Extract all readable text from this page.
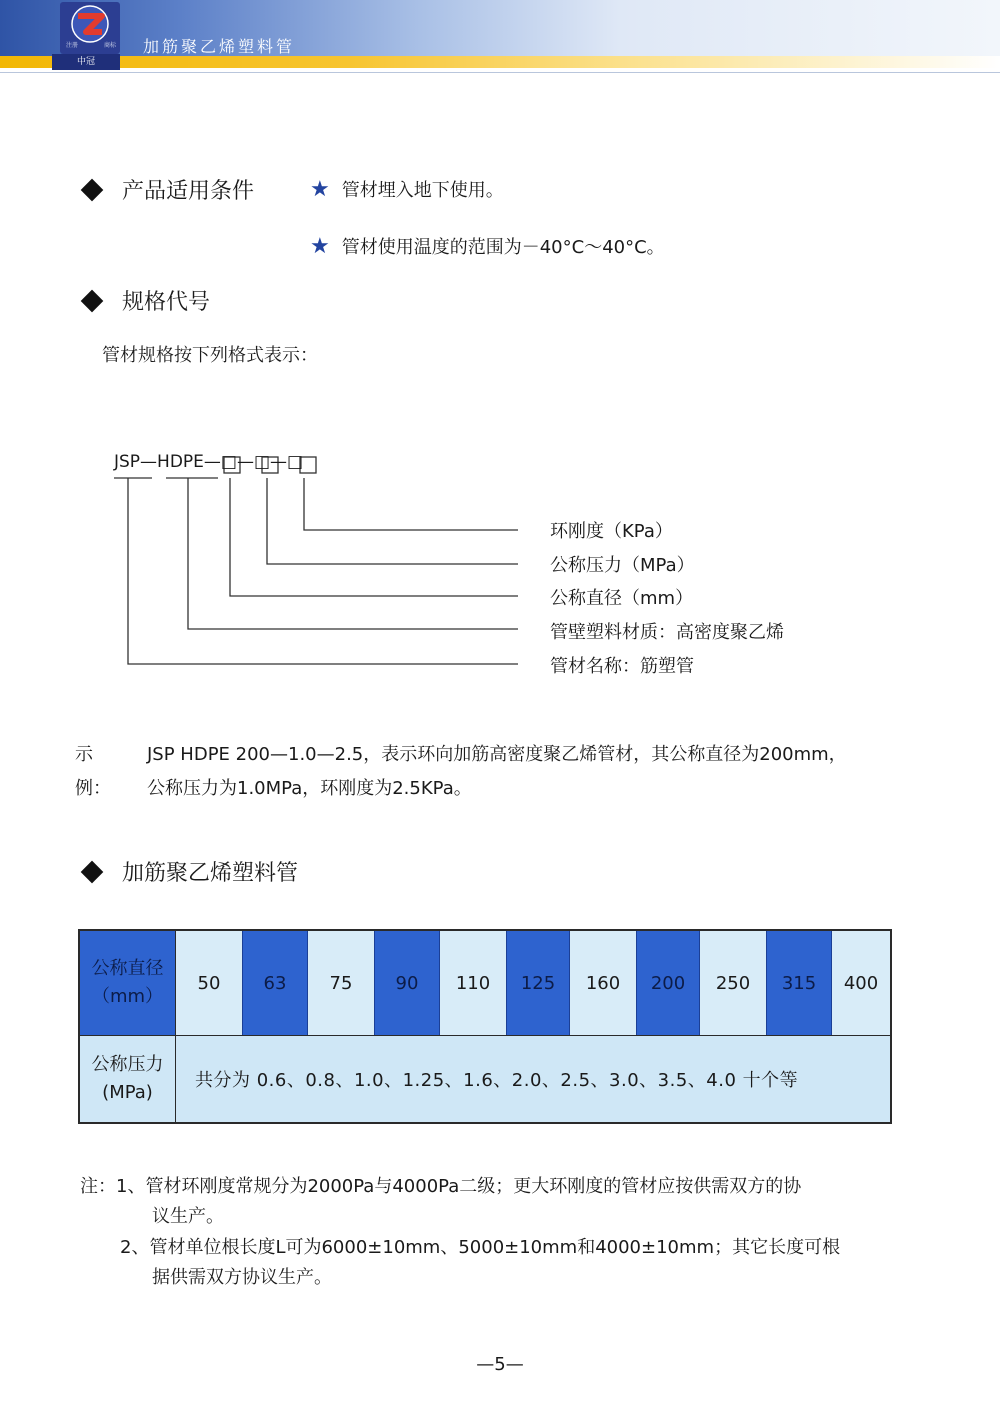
注册	商标
中冠
加筋聚乙烯塑料管
产品适用条件	★ 管材埋入地下使用。
★ 管材使用温度的范围为－40°C～40°C。
规格代号
管材规格按下列格式表示：
JSP—HDPE—□—□—□
环刚度（KPa）
公称压力（MPa）
公称直径（mm）
管壁塑料材质：高密度聚乙烯
管材名称：筋塑管
示例：
JSP HDPE 200—1.0—2.5，表示环向加筋高密度聚乙烯管材，其公称直径为200mm，
公称压力为1.0MPa，环刚度为2.5KPa。
加筋聚乙烯塑料管
公称直径
（mm）
50	63	75	90	110	125	160	200	250	315	400
公称压力
(MPa)
共分为 0.6、0.8、1.0、1.25、1.6、2.0、2.5、3.0、3.5、4.0 十个等
注：1、管材环刚度常规分为2000Pa与4000Pa二级；更大环刚度的管材应按供需双方的协
议生产。
2、管材单位根长度L可为6000±10mm、5000±10mm和4000±10mm；其它长度可根
据供需双方协议生产。
—5—
